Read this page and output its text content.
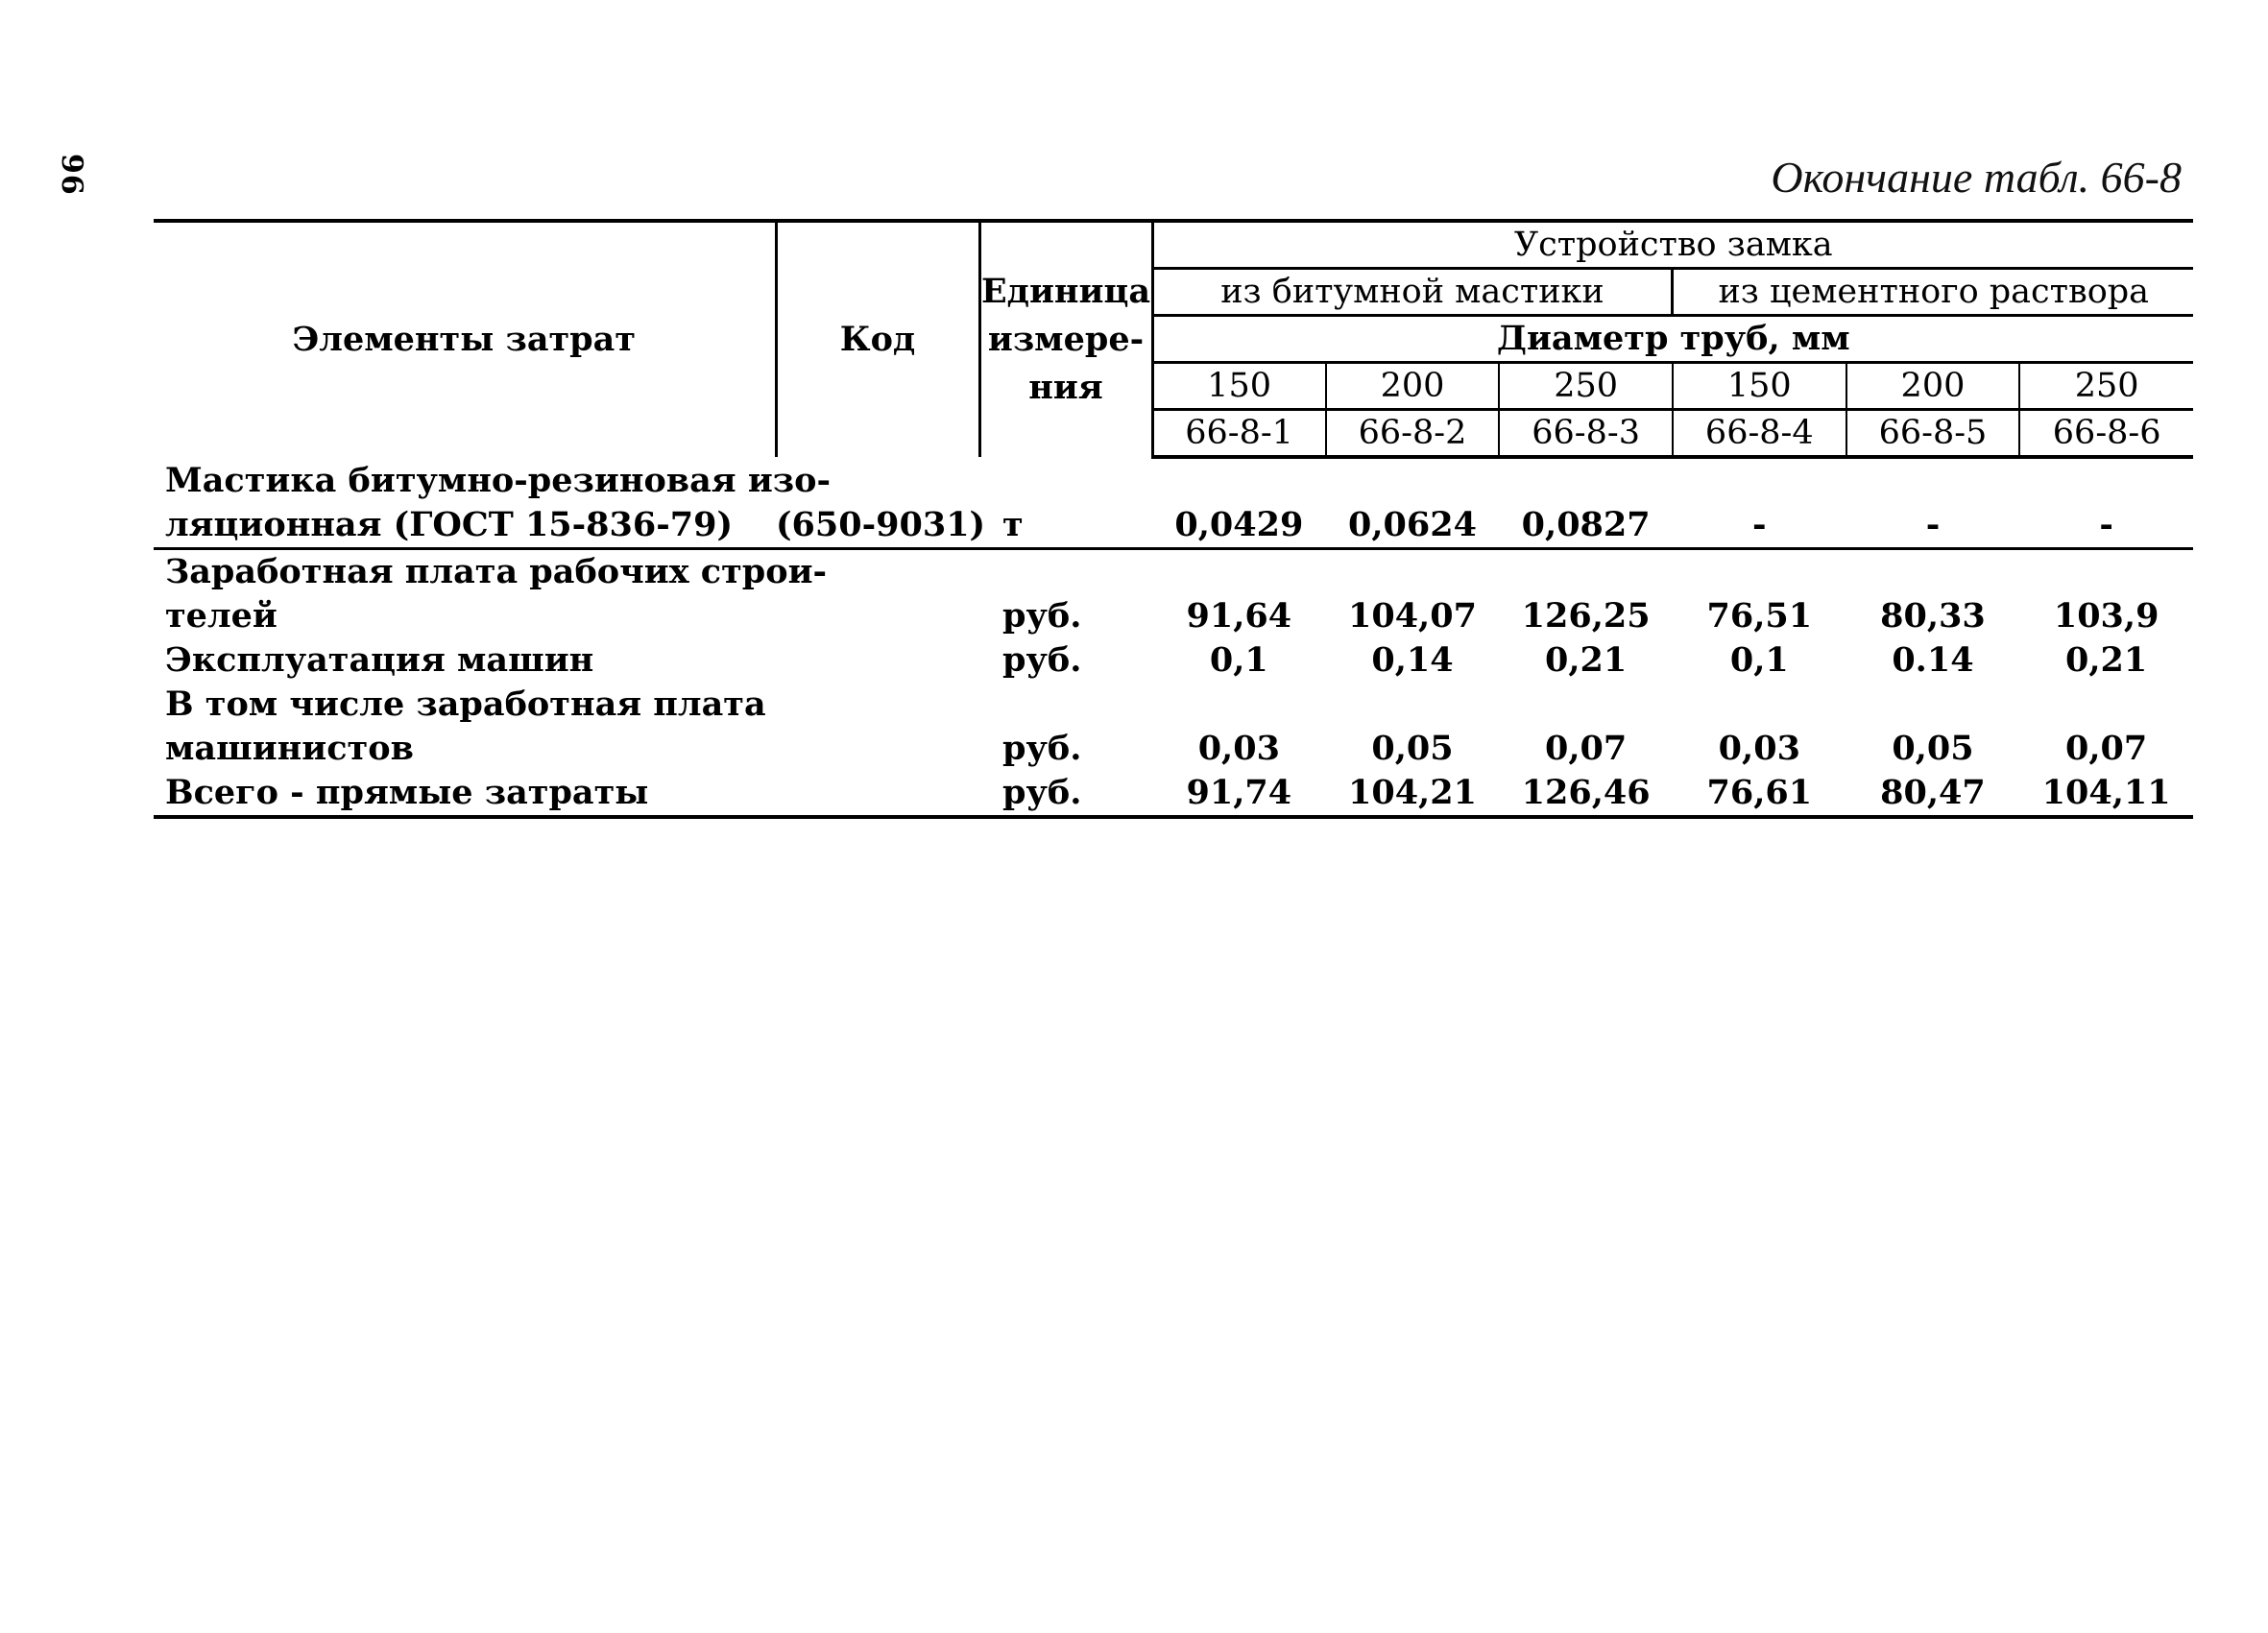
96	Окончание табл. 66-8
Элементы затрат	Код	Единица
измере-
ния	Устройство замка					
			из битумной мастики			из цементного раствора		
			Диаметр труб, мм					
			150	200	250	150	200	250
			66-8-1	66-8-2	66-8-3	66-8-4	66-8-5	66-8-6
Мастика битумно-резиновая изо-								
ляционная (ГОСТ 15-836-79)	(650-9031)	т	0,0429	0,0624	0,0827	-	-	-
Заработная плата рабочих строи-								
телей		руб.	91,64	104,07	126,25	76,51	80,33	103,9
Эксплуатация машин		руб.	0,1	0,14	0,21	0,1	0.14	0,21
В том числе заработная плата								
машинистов		руб.	0,03	0,05	0,07	0,03	0,05	0,07
Всего - прямые затраты		руб.	91,74	104,21	126,46	76,61	80,47	104,11
